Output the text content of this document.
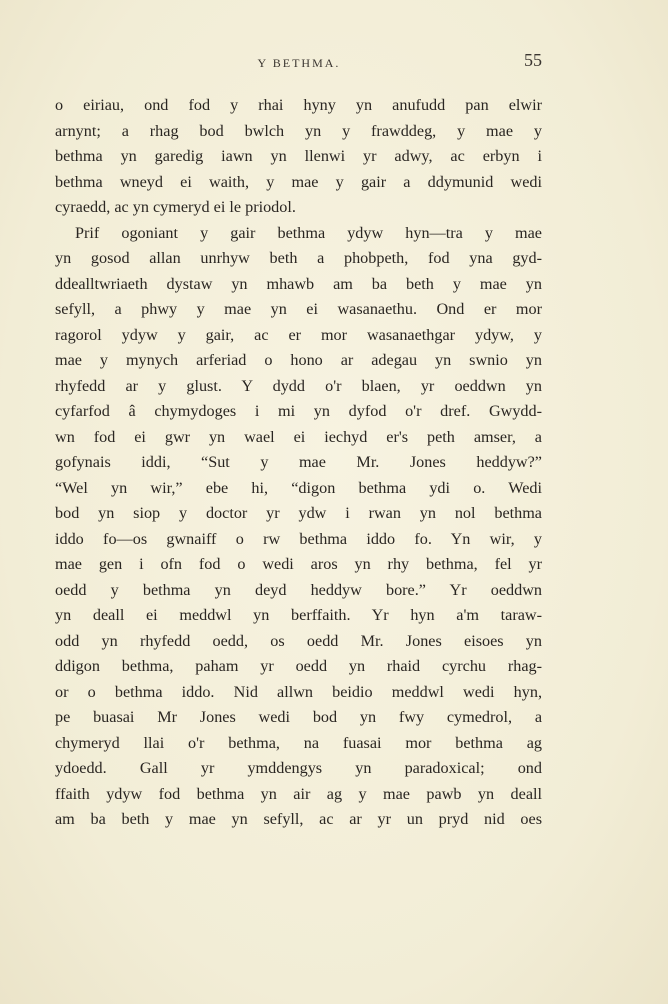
Y BETHMA.	55
o eiriau, ond fod y rhai hyny yn anufudd pan elwir
arnynt; a rhag bod bwlch yn y frawddeg, y mae y
bethma yn garedig iawn yn llenwi yr adwy, ac erbyn i
bethma wneyd ei waith, y mae y gair a ddymunid wedi
cyraedd, ac yn cymeryd ei le priodol.
Prif ogoniant y gair bethma ydyw hyn—tra y mae
yn gosod allan unrhyw beth a phobpeth, fod yna gyd-
ddealltwriaeth dystaw yn mhawb am ba beth y mae yn
sefyll, a phwy y mae yn ei wasanaethu. Ond er mor
ragorol ydyw y gair, ac er mor wasanaethgar ydyw, y
mae y mynych arferiad o hono ar adegau yn swnio yn
rhyfedd ar y glust. Y dydd o'r blaen, yr oeddwn yn
cyfarfod â chymydoges i mi yn dyfod o'r dref. Gwydd-
wn fod ei gwr yn wael ei iechyd er's peth amser, a
gofynais iddi, “Sut y mae Mr. Jones heddyw?”
“Wel yn wir,” ebe hi, “digon bethma ydi o. Wedi
bod yn siop y doctor yr ydw i rwan yn nol bethma
iddo fo—os gwnaiff o rw bethma iddo fo. Yn wir, y
mae gen i ofn fod o wedi aros yn rhy bethma, fel yr
oedd y bethma yn deyd heddyw bore.” Yr oeddwn
yn deall ei meddwl yn berffaith. Yr hyn a'm taraw-
odd yn rhyfedd oedd, os oedd Mr. Jones eisoes yn
ddigon bethma, paham yr oedd yn rhaid cyrchu rhag-
or o bethma iddo. Nid allwn beidio meddwl wedi hyn,
pe buasai Mr Jones wedi bod yn fwy cymedrol, a
chymeryd llai o'r bethma, na fuasai mor bethma ag
ydoedd. Gall yr ymddengys yn paradoxical; ond
ffaith ydyw fod bethma yn air ag y mae pawb yn deall
am ba beth y mae yn sefyll, ac ar yr un pryd nid oes
